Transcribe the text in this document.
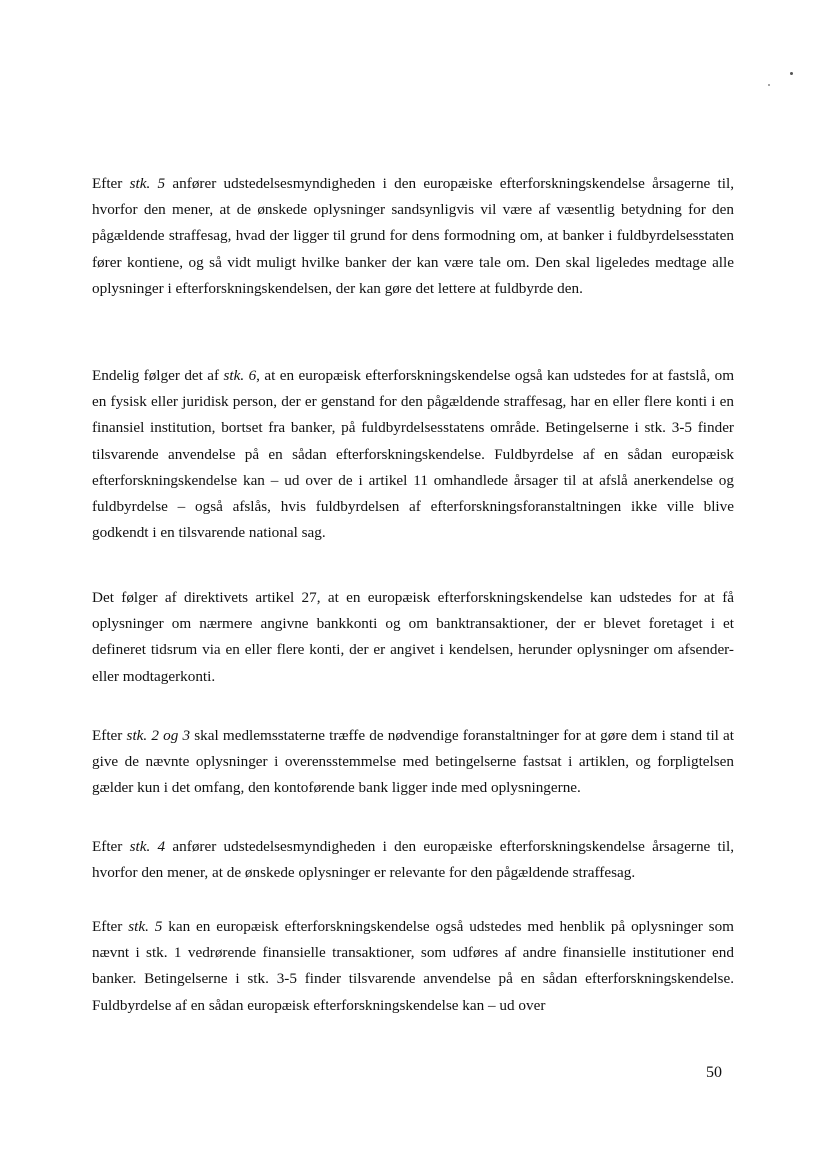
Efter stk. 5 anfører udstedelsesmyndigheden i den europæiske efterforskningskendelse årsagerne til, hvorfor den mener, at de ønskede oplysninger sandsynligvis vil være af væsentlig betydning for den pågældende straffesag, hvad der ligger til grund for dens formodning om, at banker i fuldbyrdelsesstaten fører kontiene, og så vidt muligt hvilke banker der kan være tale om. Den skal ligeledes medtage alle oplysninger i efterforskningskendelsen, der kan gøre det lettere at fuldbyrde den.

Endelig følger det af stk. 6, at en europæisk efterforskningskendelse også kan udstedes for at fastslå, om en fysisk eller juridisk person, der er genstand for den pågældende straffesag, har en eller flere konti i en finansiel institution, bortset fra banker, på fuldbyrdelsesstatens område. Betingelserne i stk. 3-5 finder tilsvarende anvendelse på en sådan efterforskningskendelse. Fuldbyrdelse af en sådan europæisk efterforskningskendelse kan – ud over de i artikel 11 omhandlede årsager til at afslå anerkendelse og fuldbyrdelse – også afslås, hvis fuldbyrdelsen af efterforskningsforanstaltningen ikke ville blive godkendt i en tilsvarende national sag.

Det følger af direktivets artikel 27, at en europæisk efterforskningskendelse kan udstedes for at få oplysninger om nærmere angivne bankkonti og om banktransaktioner, der er blevet foretaget i et defineret tidsrum via en eller flere konti, der er angivet i kendelsen, herunder oplysninger om afsender- eller modtagerkonti.

Efter stk. 2 og 3 skal medlemsstaterne træffe de nødvendige foranstaltninger for at gøre dem i stand til at give de nævnte oplysninger i overensstemmelse med betingelserne fastsat i artiklen, og forpligtelsen gælder kun i det omfang, den kontoførende bank ligger inde med oplysningerne.

Efter stk. 4 anfører udstedelsesmyndigheden i den europæiske efterforskningskendelse årsagerne til, hvorfor den mener, at de ønskede oplysninger er relevante for den pågældende straffesag.

Efter stk. 5 kan en europæisk efterforskningskendelse også udstedes med henblik på oplysninger som nævnt i stk. 1 vedrørende finansielle transaktioner, som udføres af andre finansielle institutioner end banker. Betingelserne i stk. 3-5 finder tilsvarende anvendelse på en sådan efterforskningskendelse. Fuldbyrdelse af en sådan europæisk efterforskningskendelse kan – ud over

50
